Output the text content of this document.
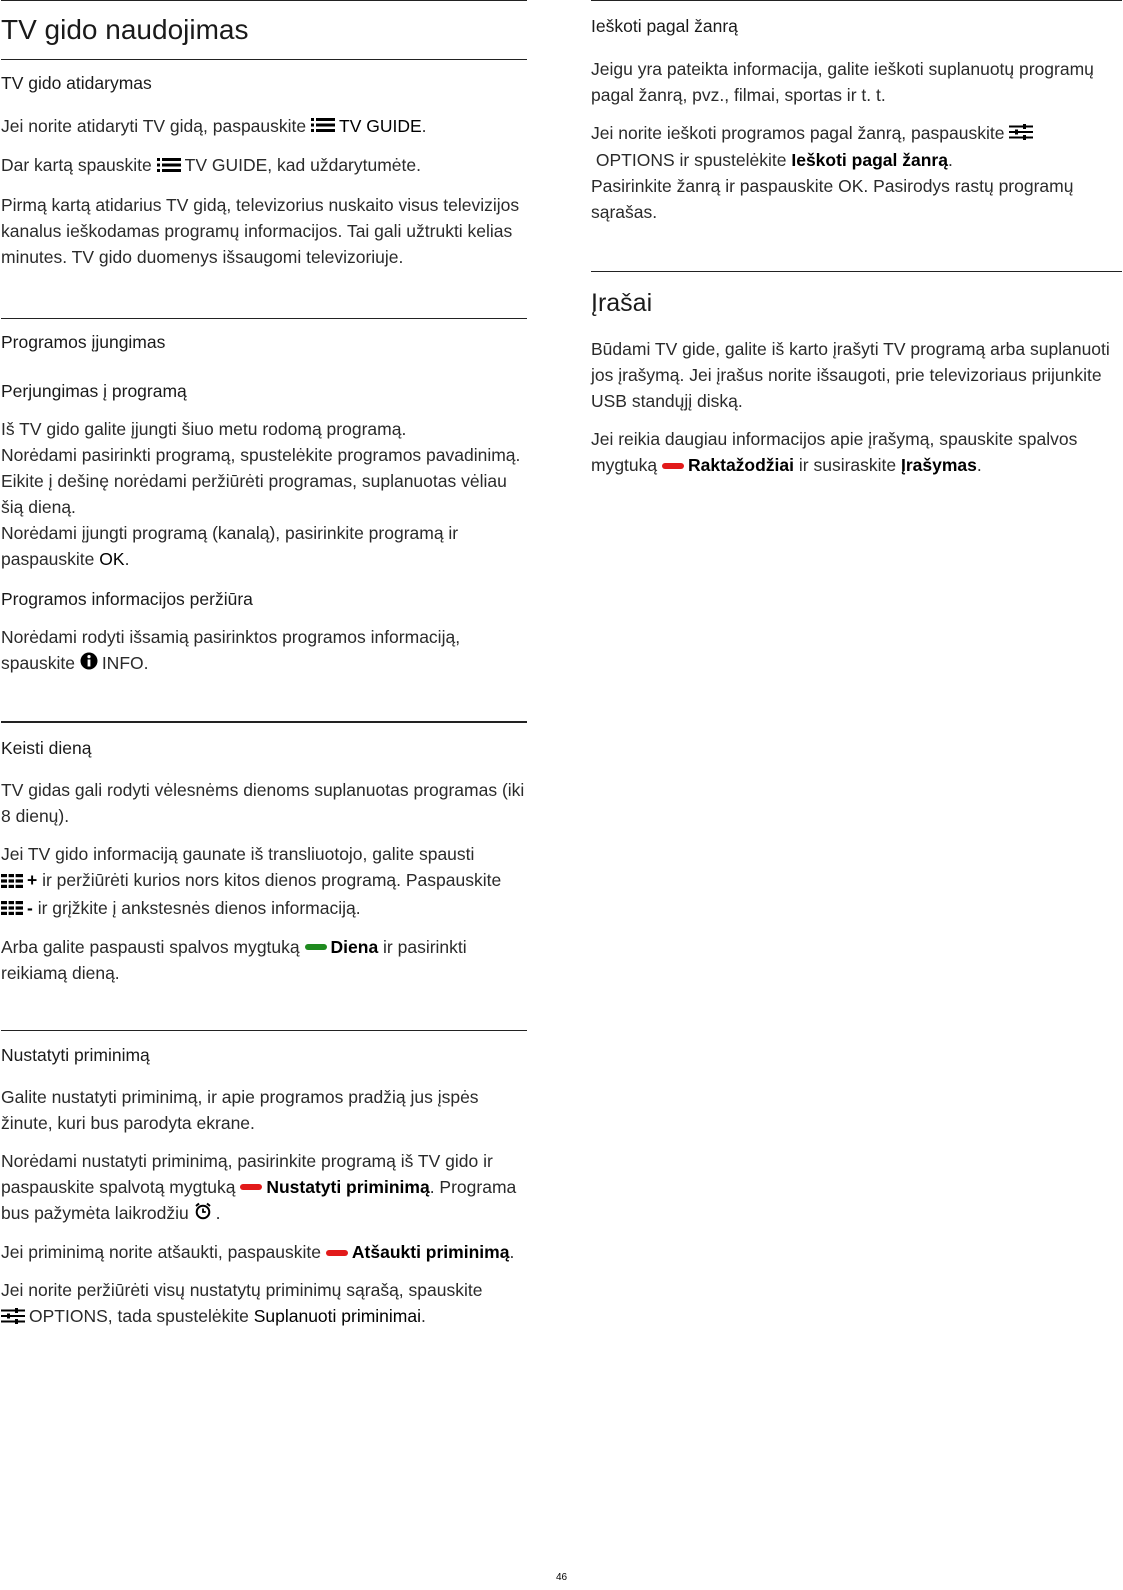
TV gido naudojimas
TV gido atidarymas

Jei norite atidaryti TV gidą, paspauskite TV GUIDE.

Dar kartą spauskite TV GUIDE, kad uždarytumėte.

Pirmą kartą atidarius TV gidą, televizorius nuskaito visus televizijos kanalus ieškodamas programų informacijos. Tai gali užtrukti kelias minutes. TV gido duomenys išsaugomi televizoriuje.

Programos įjungimas
Perjungimas į programą

Iš TV gido galite įjungti šiuo metu rodomą programą.
Norėdami pasirinkti programą, spustelėkite programos pavadinimą.
Eikite į dešinę norėdami peržiūrėti programas, suplanuotas vėliau šią dieną.
Norėdami įjungti programą (kanalą), pasirinkite programą ir paspauskite OK.

Programos informacijos peržiūra

Norėdami rodyti išsamią pasirinktos programos informaciją, spauskite INFO.

Keisti dieną

TV gidas gali rodyti vėlesnėms dienoms suplanuotas programas (iki 8 dienų).

Jei TV gido informaciją gaunate iš transliuotojo, galite spausti
+ ir peržiūrėti kurios nors kitos dienos programą. Paspauskite
- ir grįžkite į ankstesnės dienos informaciją.

Arba galite paspausti spalvos mygtuką Diena ir pasirinkti reikiamą dieną.

Nustatyti priminimą

Galite nustatyti priminimą, ir apie programos pradžią jus įspės žinute, kuri bus parodyta ekrane.

Norėdami nustatyti priminimą, pasirinkite programą iš TV gido ir paspauskite spalvotą mygtuką Nustatyti priminimą. Programa bus pažymėta laikrodžiu .

Jei priminimą norite atšaukti, paspauskite Atšaukti priminimą.

Jei norite peržiūrėti visų nustatytų priminimų sąrašą, spauskite
OPTIONS, tada spustelėkite Suplanuoti priminimai.

Ieškoti pagal žanrą

Jeigu yra pateikta informacija, galite ieškoti suplanuotų programų pagal žanrą, pvz., filmai, sportas ir t. t.

Jei norite ieškoti programos pagal žanrą, paspauskite
OPTIONS ir spustelėkite Ieškoti pagal žanrą.
Pasirinkite žanrą ir paspauskite OK. Pasirodys rastų programų sąrašas.

Įrašai

Būdami TV gide, galite iš karto įrašyti TV programą arba suplanuoti jos įrašymą. Jei įrašus norite išsaugoti, prie televizoriaus prijunkite USB standųjį diską.

Jei reikia daugiau informacijos apie įrašymą, spauskite spalvos mygtuką Raktažodžiai ir susiraskite Įrašymas.

46
